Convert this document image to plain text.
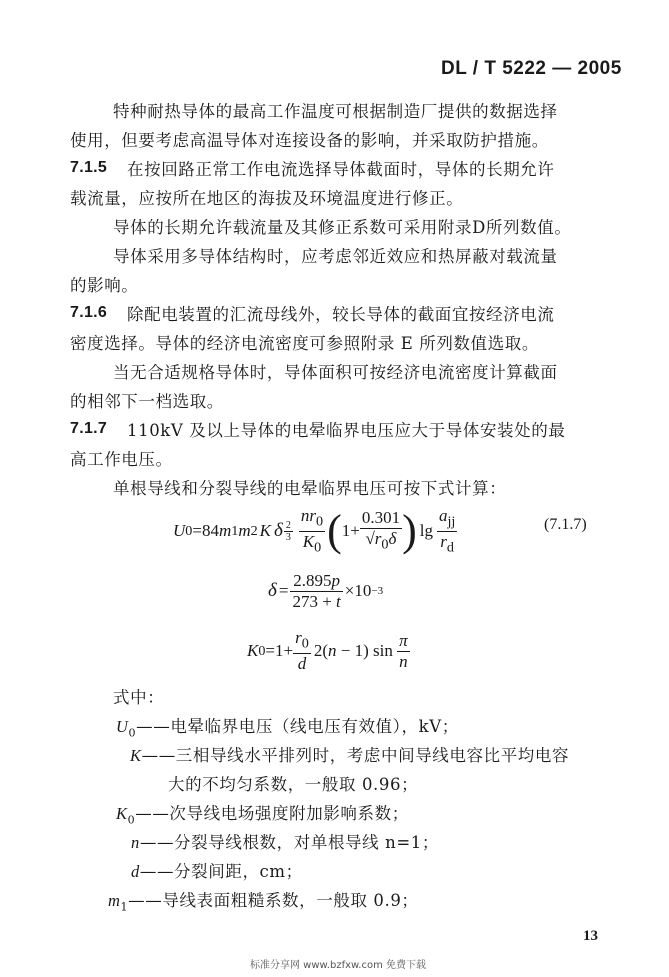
DL / T 5222 — 2005
特种耐热导体的最高工作温度可根据制造厂提供的数据选择
使用，但要考虑高温导体对连接设备的影响，并采取防护措施。
7.1.5 在按回路正常工作电流选择导体截面时，导体的长期允许
载流量，应按所在地区的海拔及环境温度进行修正。
导体的长期允许载流量及其修正系数可采用附录D所列数值。
导体采用多导体结构时，应考虑邻近效应和热屏蔽对载流量
的影响。
7.1.6 除配电装置的汇流母线外，较长导体的截面宜按经济电流
密度选择。导体的经济电流密度可参照附录 E 所列数值选取。
当无合适规格导体时，导体面积可按经济电流密度计算截面
的相邻下一档选取。
7.1.7 110kV 及以上导体的电晕临界电压应大于导体安装处的最
高工作电压。
单根导线和分裂导线的电晕临界电压可按下式计算：
U 0 =84 m 1 m 2 K δ $\frac{2}{3} \frac{nr_0}{K_0}$ ( $1+ \frac{0.301}{√r_0\delta}$ ) $\lg \frac{a_{jj}}{r_d}$	(7.1.7)
$\delta = \frac{2.895p}{273 + t} \times 10 -3$
K $0 =1+ \frac{r_0}{d} 2$( n − 1) $\sin \frac{\pi}{n}$
式中：
$U_0——$电晕临界电压（线电压有效值），kV；
K——三相导线水平排列时，考虑中间导线电容比平均电容
大的不均匀系数，一般取 0.96；
$K_0——$次导线电场强度附加影响系数；
n——分裂导线根数，对单根导线 n=1；
d——分裂间距，cm；
$m_1——$导线表面粗糙系数，一般取 0.9；
13
标准分享网 www.bzfxw.com 免费下载
